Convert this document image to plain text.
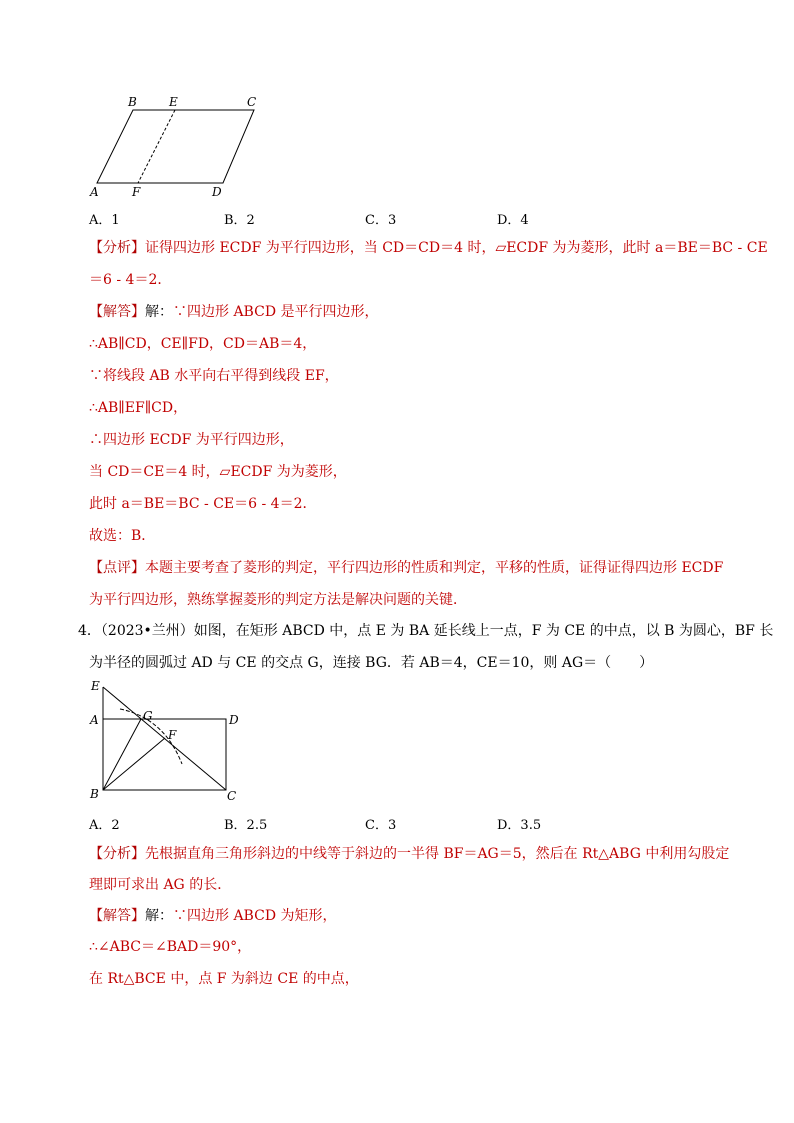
B	E	C
A	F	D
A．1	B．2	C．3	D．4
【分析】证得四边形 ECDF 为平行四边形，当 CD＝CD＝4 时，▱ECDF 为为菱形，此时 a＝BE＝BC - CE
＝6 - 4＝2．
【解答】解：∵四边形 ABCD 是平行四边形，
∴AB∥CD，CE∥FD，CD＝AB＝4，
∵将线段 AB 水平向右平得到线段 EF，
∴AB∥EF∥CD，
∴四边形 ECDF 为平行四边形，
当 CD＝CE＝4 时，▱ECDF 为为菱形，
此时 a＝BE＝BC - CE＝6 - 4＝2．
故选：B．
【点评】本题主要考查了菱形的判定，平行四边形的性质和判定，平移的性质，证得证得四边形 ECDF
为平行四边形，熟练掌握菱形的判定方法是解决问题的关键．
4．（2023•兰州）如图，在矩形 ABCD 中，点 E 为 BA 延长线上一点，F 为 CE 的中点，以 B 为圆心，BF 长
为半径的圆弧过 AD 与 CE 的交点 G，连接 BG．若 AB＝4，CE＝10，则 AG＝（　　）
E
A	G	D
F
B	C
A．2	B．2.5	C．3	D．3.5
【分析】先根据直角三角形斜边的中线等于斜边的一半得 BF＝AG＝5，然后在 Rt△ABG 中利用勾股定
理即可求出 AG 的长．
【解答】解：∵四边形 ABCD 为矩形，
∴∠ABC＝∠BAD＝90°，
在 Rt△BCE 中，点 F 为斜边 CE 的中点，
